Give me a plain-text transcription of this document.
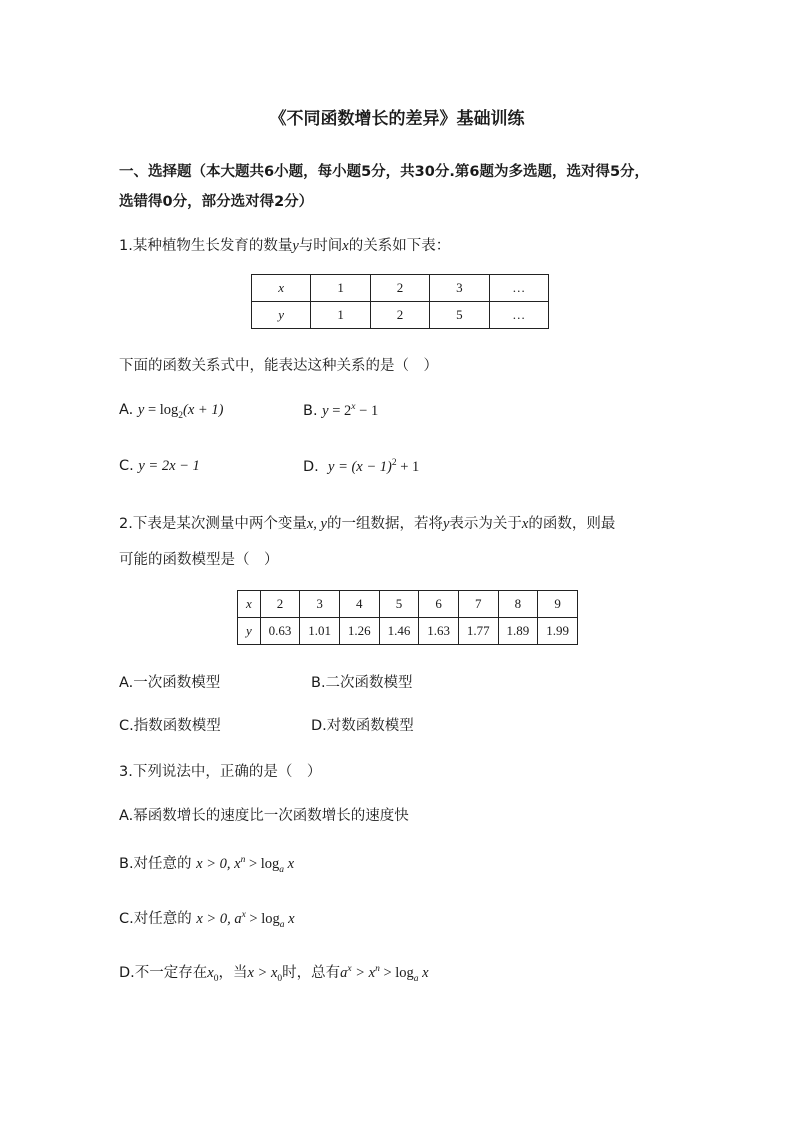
《不同函数增长的差异》基础训练
一、选择题（本大题共6小题，每小题5分，共30分.第6题为多选题，选对得5分，
选错得0分，部分选对得2分）
1.某种植物生长发育的数量y与时间x的关系如下表：
x	1	2	3	…
y	1	2	5	…
下面的函数关系式中，能表达这种关系的是（　）
A. $y = \log_2(x + 1)$	B. $y = 2^x - 1$
C. y = 2x − 1	D. $y = (x - 1)^2 + 1$
2.下表是某次测量中两个变量x, y的一组数据，若将y表示为关于x的函数，则最
可能的函数模型是（　）
x	2	3	4	5	6	7	8	9
y	0.63	1.01	1.26	1.46	1.63	1.77	1.89	1.99
A.一次函数模型	B.二次函数模型
C.指数函数模型	D.对数函数模型
3.下列说法中，正确的是（　）
A.幂函数增长的速度比一次函数增长的速度快
B.对任意的 x > 0, $x^n > \log_a x$
C.对任意的 x > 0, $a^x > \log_a x$
D.不一定存在$x_0$，当$x > x_0$时，总有$a^x > x^n > \log_a x$
